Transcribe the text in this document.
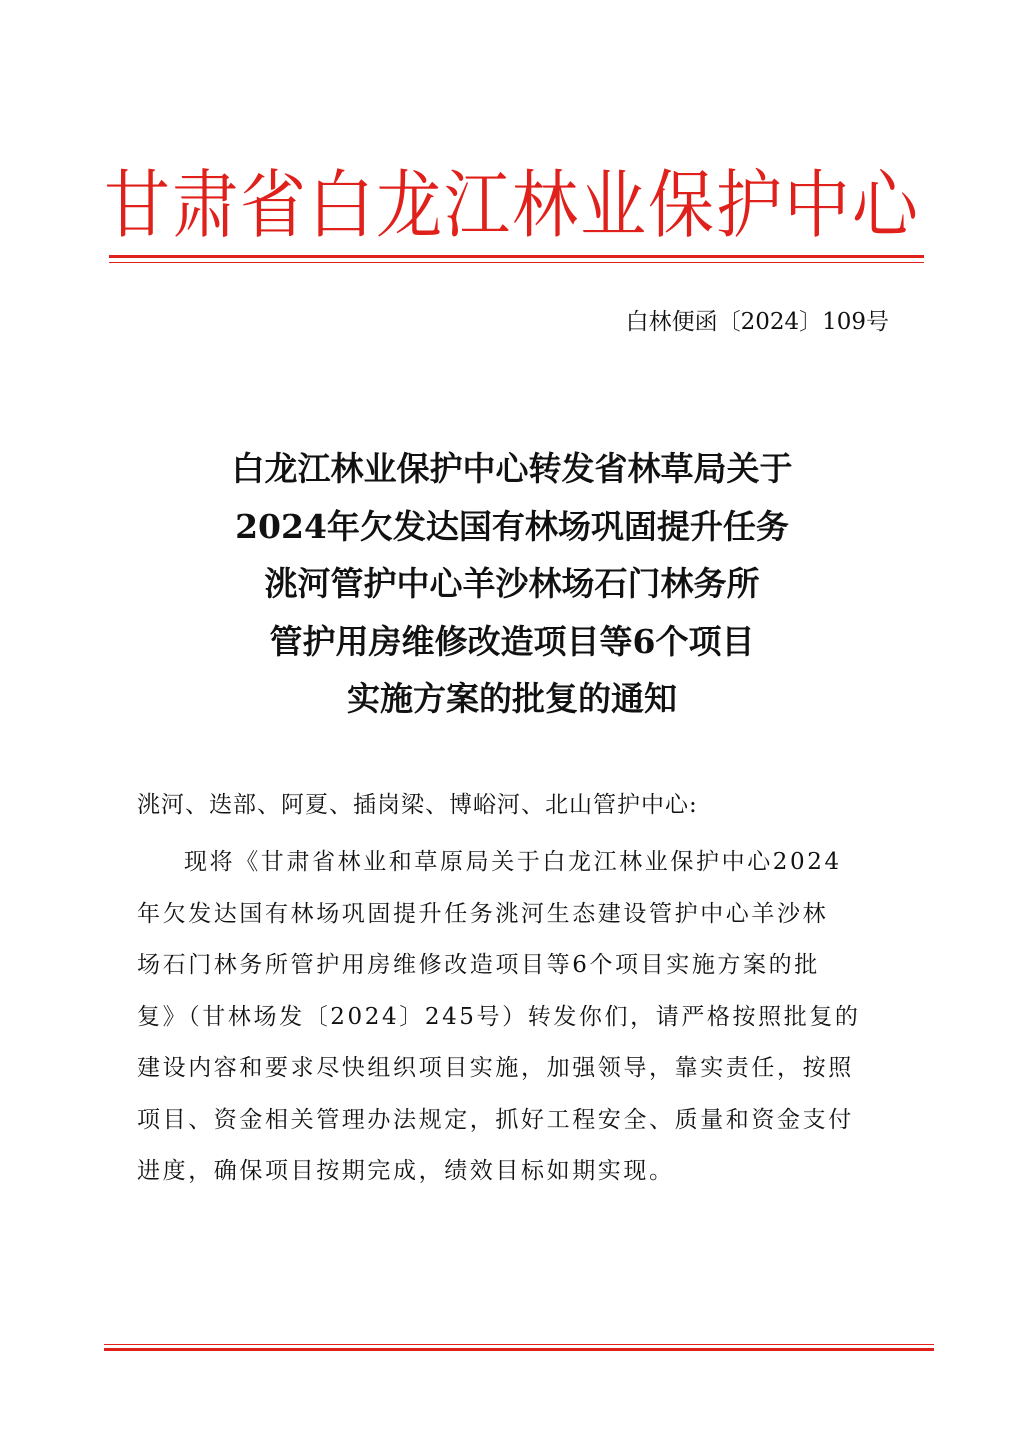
甘肃省白龙江林业保护中心
白林便函〔2024〕109号
白龙江林业保护中心转发省林草局关于
2024年欠发达国有林场巩固提升任务
洮河管护中心羊沙林场石门林务所
管护用房维修改造项目等6个项目
实施方案的批复的通知
洮河、迭部、阿夏、插岗梁、博峪河、北山管护中心:
现将《甘肃省林业和草原局关于白龙江林业保护中心2024
年欠发达国有林场巩固提升任务洮河生态建设管护中心羊沙林
场石门林务所管护用房维修改造项目等6个项目实施方案的批
复》（甘林场发〔2024〕245号）转发你们，请严格按照批复的
建设内容和要求尽快组织项目实施，加强领导，靠实责任，按照
项目、资金相关管理办法规定，抓好工程安全、质量和资金支付
进度，确保项目按期完成，绩效目标如期实现。
